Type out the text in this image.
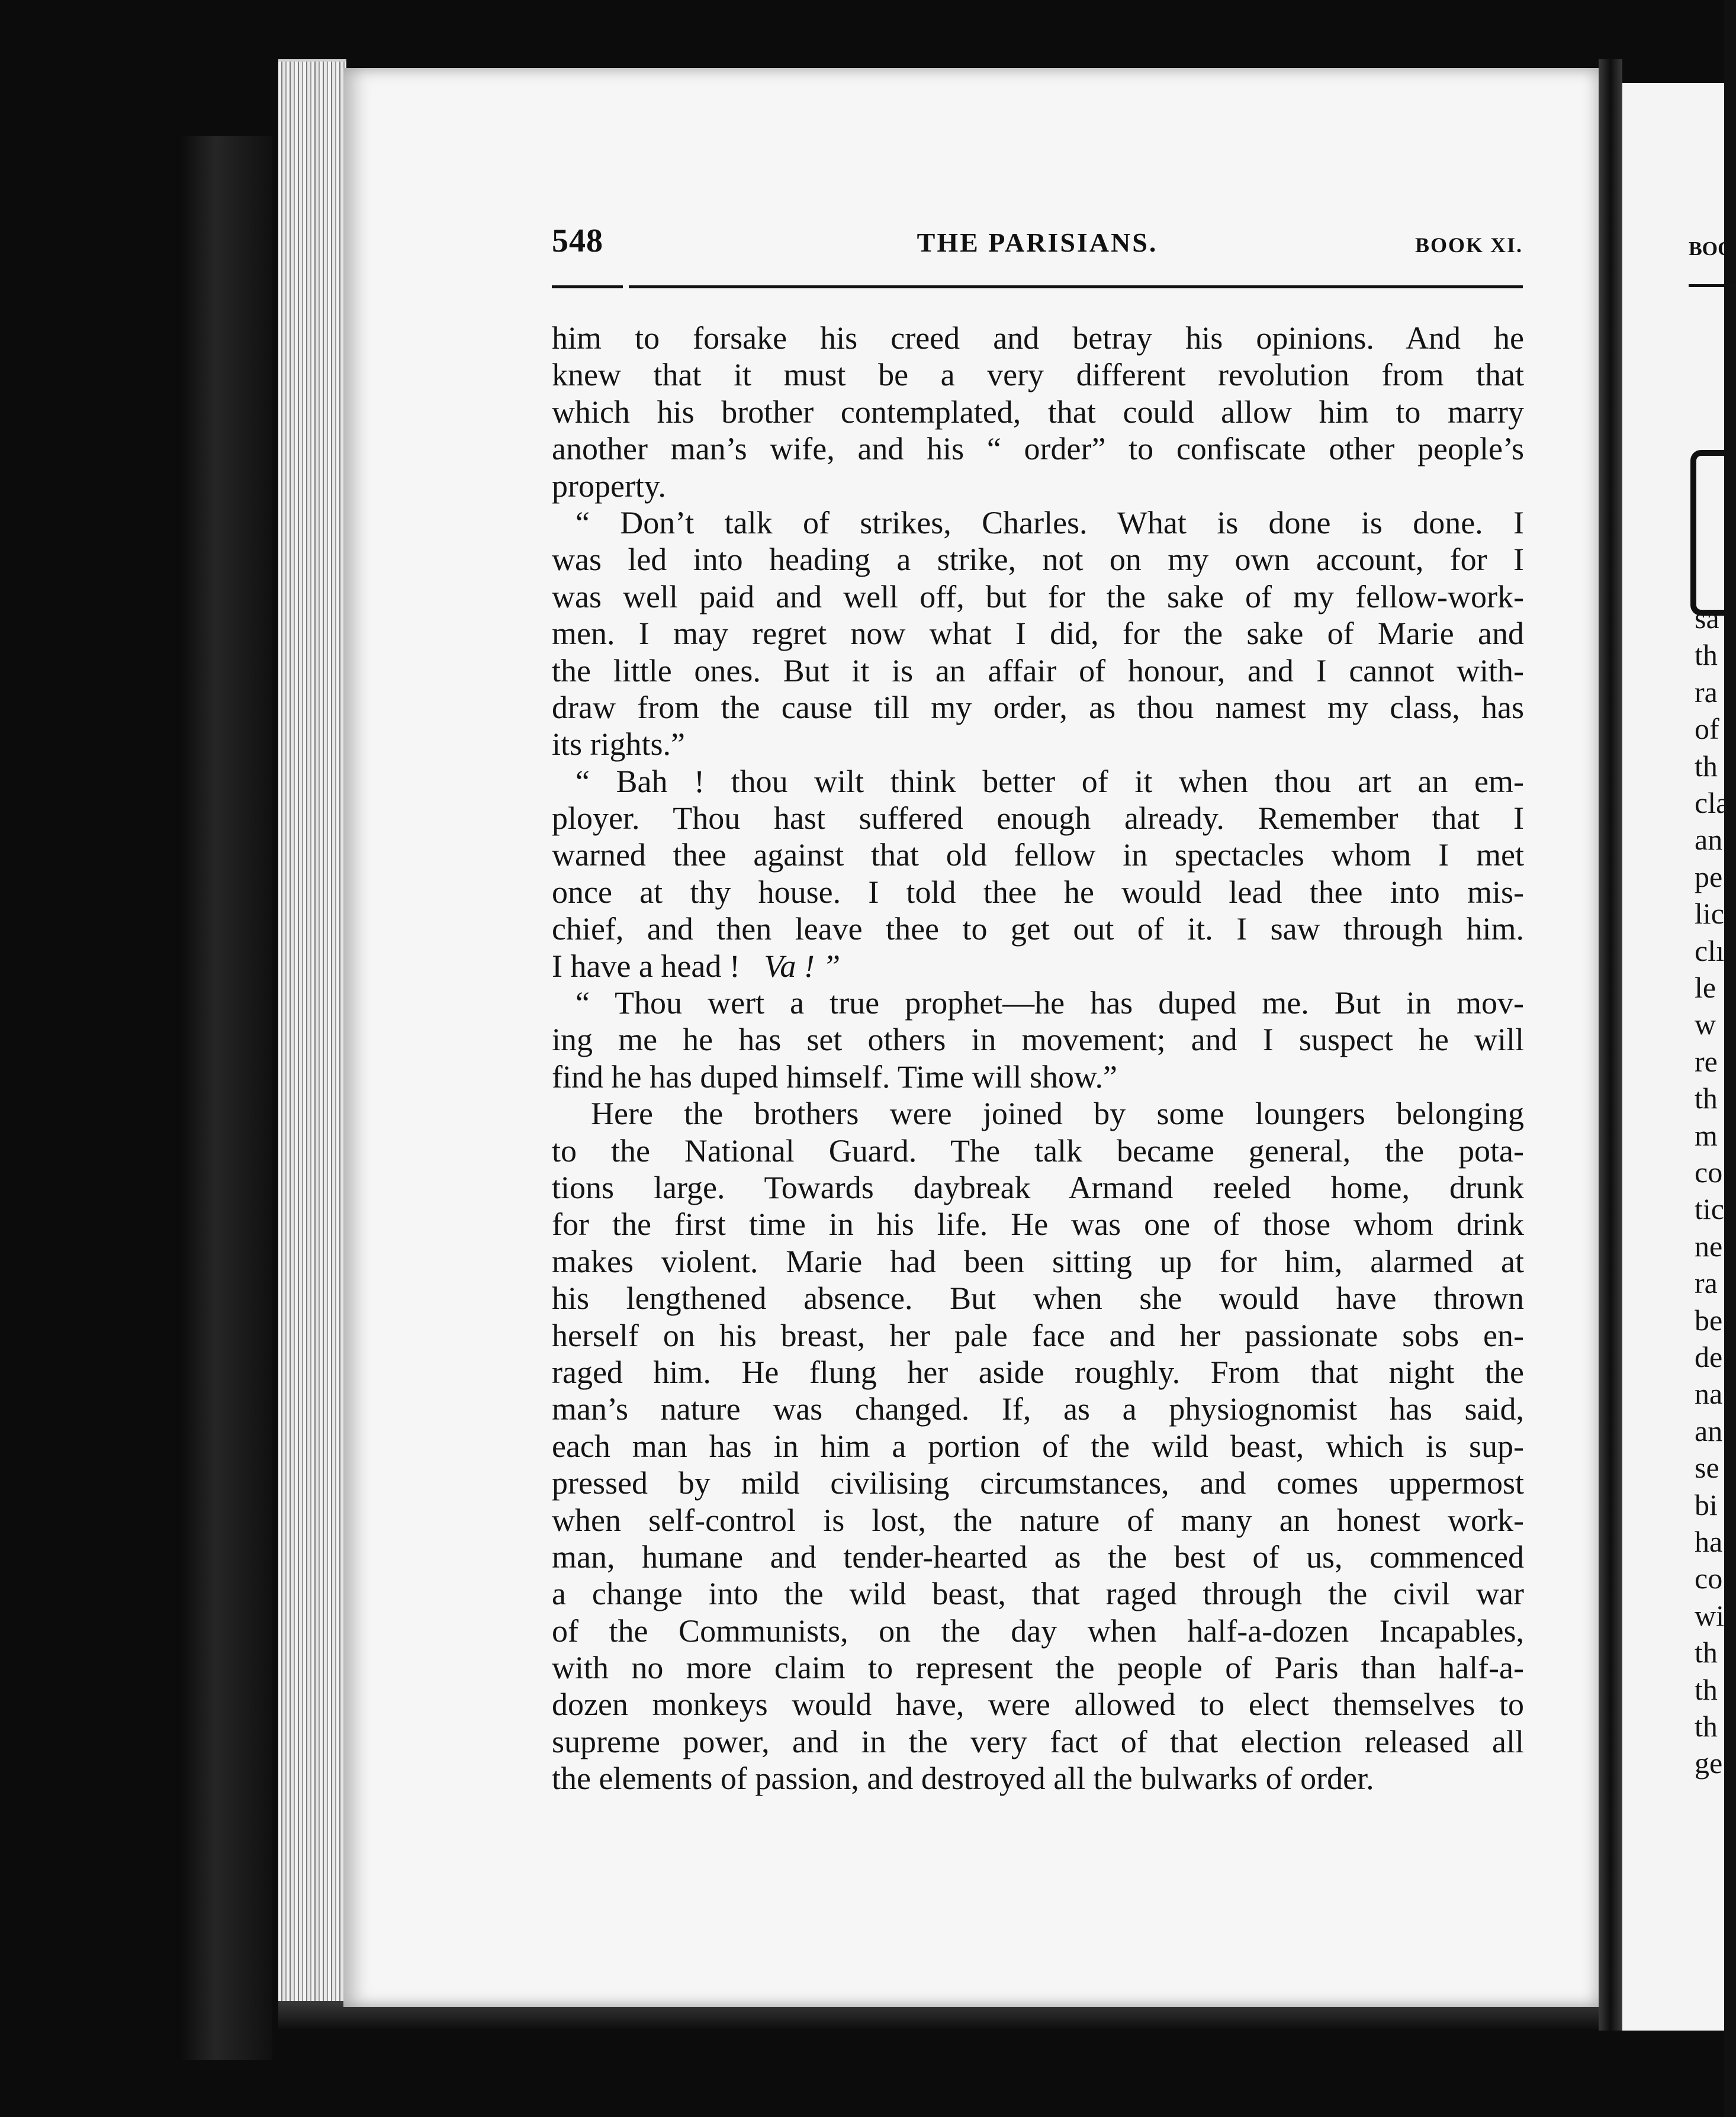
BOO
sa
th
ra
of
th
cla
an
pe
lic
clı
le
w
re
th
m
co
tic
ne
ra
be
de
na
an
se
bi
ha
co
wi
th
th
th
ge
548	THE PARISIANS.	BOOK XI.
him to forsake his creed and betray his opinions. And he
knew that it must be a very different revolution from that
which his brother contemplated, that could allow him to marry
another man’s wife, and his “ order” to confiscate other people’s
property.
“ Don’t talk of strikes, Charles. What is done is done. I
was led into heading a strike, not on my own account, for I
was well paid and well off, but for the sake of my fellow-work-
men. I may regret now what I did, for the sake of Marie and
the little ones. But it is an affair of honour, and I cannot with-
draw from the cause till my order, as thou namest my class, has
its rights.”
“ Bah ! thou wilt think better of it when thou art an em-
ployer. Thou hast suffered enough already. Remember that I
warned thee against that old fellow in spectacles whom I met
once at thy house. I told thee he would lead thee into mis-
chief, and then leave thee to get out of it. I saw through him.
I have a head ! Va ! ”
“ Thou wert a true prophet—he has duped me. But in mov-
ing me he has set others in movement; and I suspect he will
find he has duped himself. Time will show.”
Here the brothers were joined by some loungers belonging
to the National Guard. The talk became general, the pota-
tions large. Towards daybreak Armand reeled home, drunk
for the first time in his life. He was one of those whom drink
makes violent. Marie had been sitting up for him, alarmed at
his lengthened absence. But when she would have thrown
herself on his breast, her pale face and her passionate sobs en-
raged him. He flung her aside roughly. From that night the
man’s nature was changed. If, as a physiognomist has said,
each man has in him a portion of the wild beast, which is sup-
pressed by mild civilising circumstances, and comes uppermost
when self-control is lost, the nature of many an honest work-
man, humane and tender-hearted as the best of us, commenced
a change into the wild beast, that raged through the civil war
of the Communists, on the day when half-a-dozen Incapables,
with no more claim to represent the people of Paris than half-a-
dozen monkeys would have, were allowed to elect themselves to
supreme power, and in the very fact of that election released all
the elements of passion, and destroyed all the bulwarks of order.
